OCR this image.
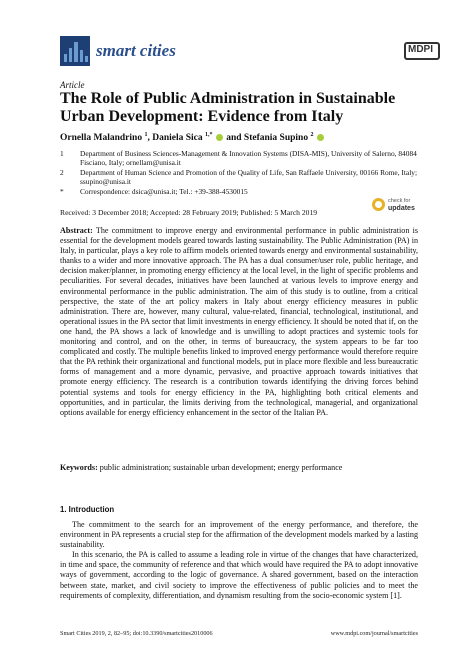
smart cities	MDPI
Article
The Role of Public Administration in Sustainable Urban Development: Evidence from Italy
Ornella Malandrino $^1$, Daniela Sica $^{1,*}$ and Stefania Supino $^2$
1 Department of Business Sciences-Management & Innovation Systems (DISA-MIS), University of Salerno, 84084 Fisciano, Italy; ornellam@unisa.it
2 Department of Human Science and Promotion of the Quality of Life, San Raffaele University, 00166 Rome, Italy; ssupino@unisa.it
* Correspondence: dsica@unisa.it; Tel.: +39-388-4530015
Received: 3 December 2018; Accepted: 28 February 2019; Published: 5 March 2019
check for
updates
Abstract: The commitment to improve energy and environmental performance in public administration is essential for the development models geared towards lasting sustainability. The Public Administration (PA) in Italy, in particular, plays a key role to affirm models oriented towards energy and environmental sustainability, thanks to a wider and more innovative approach. The PA has a dual consumer/user role, public heritage, and decision maker/planner, in promoting energy efficiency at the local level, in the light of specific problems and peculiarities. For several decades, initiatives have been launched at various levels to improve energy and environmental performance in the public administration. The aim of this study is to outline, from a critical perspective, the state of the art policy makers in Italy about energy efficiency measures in public administration. There are, however, many cultural, value-related, financial, technological, institutional, and operational issues in the PA sector that limit investments in energy efficiency. It should be noted that if, on the one hand, the PA shows a lack of knowledge and is unwilling to adopt practices and systemic tools for monitoring and control, and on the other, in terms of bureaucracy, the system appears to be far too complicated and costly. The multiple benefits linked to improved energy performance would therefore require that the PA rethink their organizational and functional models, put in place more flexible and less bureaucratic forms of management and a more dynamic, pervasive, and proactive approach towards initiatives that promote energy efficiency. The research is a contribution towards identifying the driving forces behind potential systems and tools for energy efficiency in the PA, highlighting both critical elements and opportunities, and in particular, the limits deriving from the technological, managerial, and organizational options available for energy efficiency enhancement in the sector of the Italian PA.
Keywords: public administration; sustainable urban development; energy performance
1. Introduction

The commitment to the search for an improvement of the energy performance, and therefore, the environment in PA represents a crucial step for the affirmation of the development models marked by a lasting sustainability.

In this scenario, the PA is called to assume a leading role in virtue of the changes that have characterized, in time and space, the community of reference and that which would have required the PA to adopt innovative ways of government, according to the logic of governance. A shared government, based on the interaction between state, market, and civil society to improve the effectiveness of public policies and to meet the requirements of complexity, differentiation, and dynamism resulting from the socio-economic system [1].

Smart Cities 2019, 2, 82–95; doi:10.3390/smartcities2010006	www.mdpi.com/journal/smartcities
